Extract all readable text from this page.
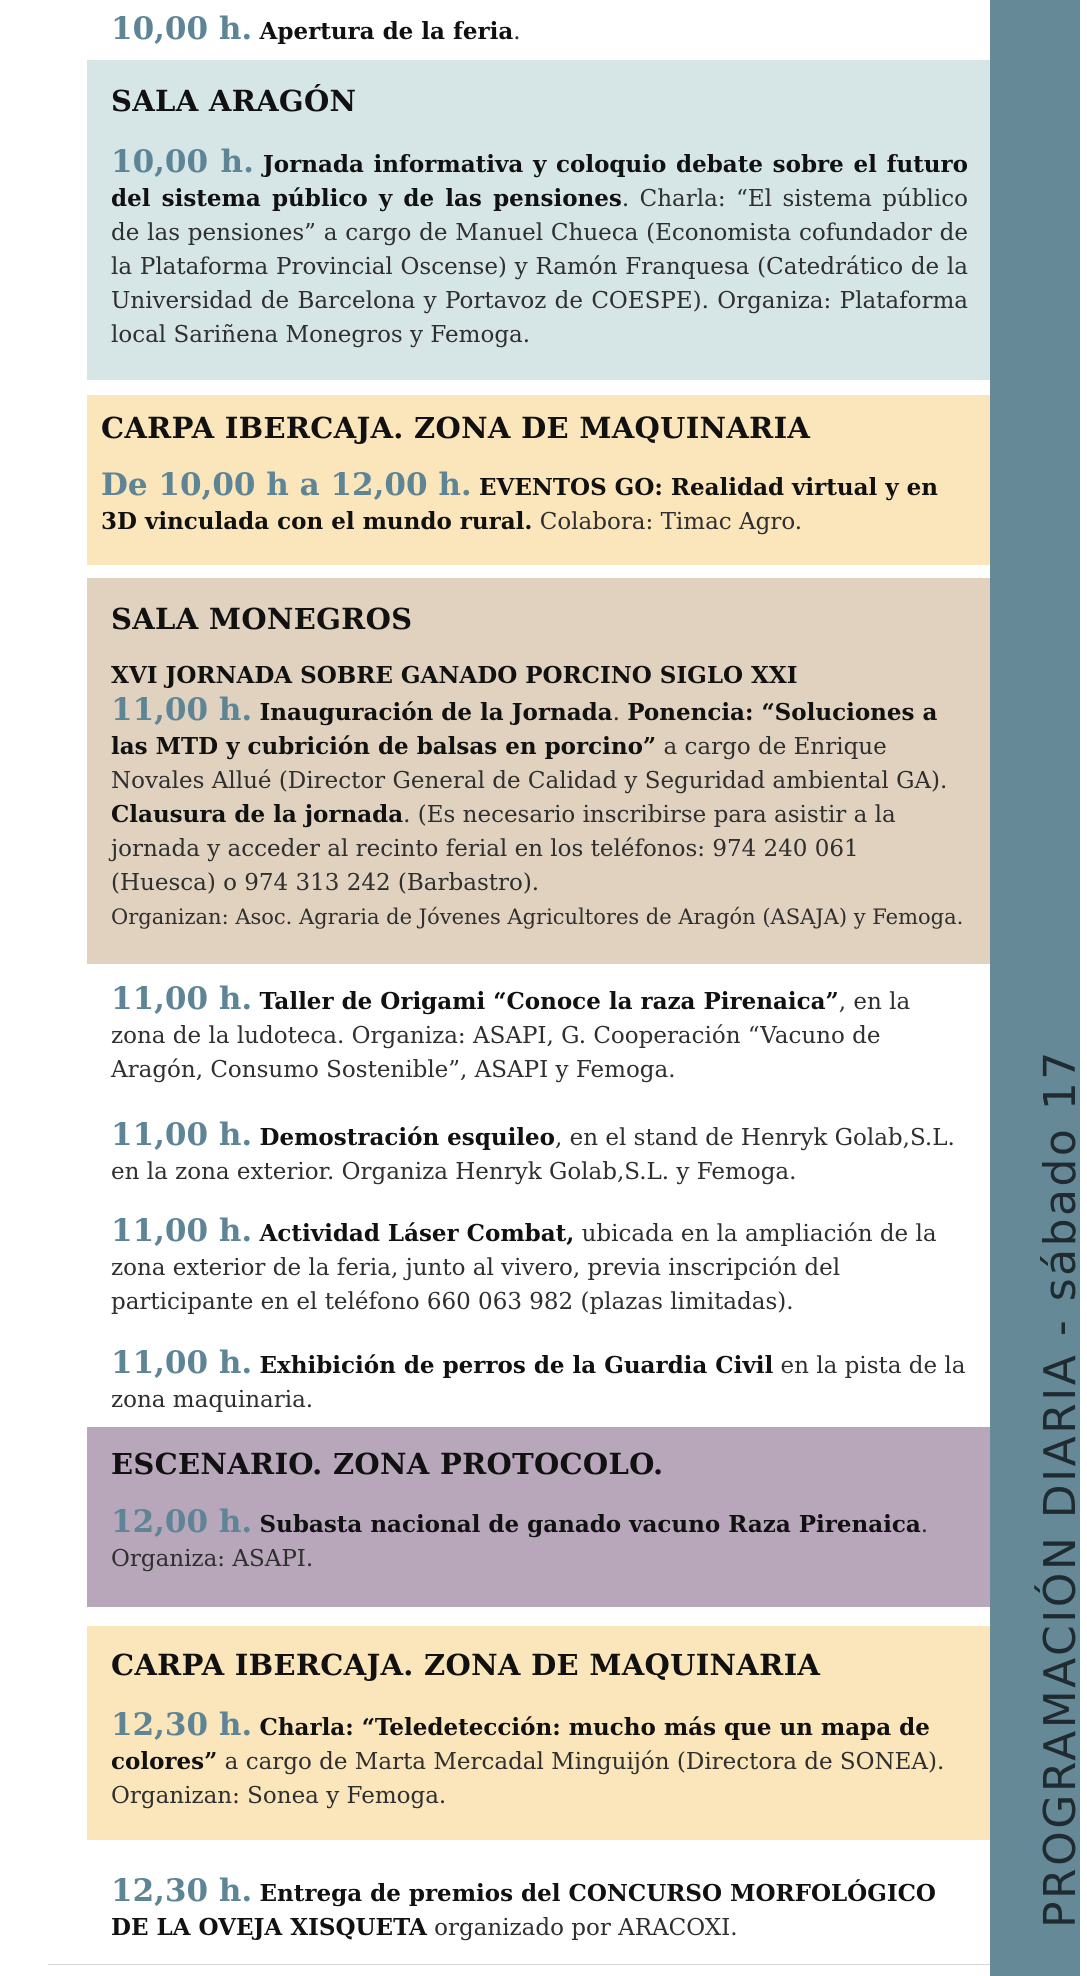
PROGRAMACIÓN DIARIA - sábado 17

10,00 h. Apertura de la feria.

SALA ARAGÓN

10,00 h. Jornada informativa y coloquio debate sobre el futuro del sistema público y de las pensiones. Charla: “El sistema público de las pensiones” a cargo de Manuel Chueca (Economista cofundador de la Plataforma Provincial Oscense) y Ramón Franquesa (Catedrático de la Universidad de Barcelona y Portavoz de COESPE). Organiza: Plataforma local Sariñena Monegros y Femoga.

CARPA IBERCAJA. ZONA DE MAQUINARIA

De 10,00 h a 12,00 h. EVENTOS GO: Realidad virtual y en 3D vinculada con el mundo rural. Colabora: Timac Agro.

SALA MONEGROS

XVI JORNADA SOBRE GANADO PORCINO SIGLO XXI

11,00 h. Inauguración de la Jornada. Ponencia: “Soluciones a las MTD y cubrición de balsas en porcino” a cargo de Enrique Novales Allué (Director General de Calidad y Seguridad ambiental GA).

Clausura de la jornada. (Es necesario inscribirse para asistir a la jornada y acceder al recinto ferial en los teléfonos: 974 240 061 (Huesca) o 974 313 242 (Barbastro).

Organizan: Asoc. Agraria de Jóvenes Agricultores de Aragón (ASAJA) y Femoga.

11,00 h. Taller de Origami “Conoce la raza Pirenaica”, en la zona de la ludoteca. Organiza: ASAPI, G. Cooperación “Vacuno de Aragón, Consumo Sostenible”, ASAPI y Femoga.

11,00 h. Demostración esquileo, en el stand de Henryk Golab,S.L. en la zona exterior. Organiza Henryk Golab,S.L. y Femoga.

11,00 h. Actividad Láser Combat, ubicada en la ampliación de la zona exterior de la feria, junto al vivero, previa inscripción del participante en el teléfono 660 063 982 (plazas limitadas).

11,00 h. Exhibición de perros de la Guardia Civil en la pista de la zona maquinaria.

ESCENARIO. ZONA PROTOCOLO.

12,00 h. Subasta nacional de ganado vacuno Raza Pirenaica. Organiza: ASAPI.

CARPA IBERCAJA. ZONA DE MAQUINARIA

12,30 h. Charla: “Teledetección: mucho más que un mapa de colores” a cargo de Marta Mercadal Minguijón (Directora de SONEA). Organizan: Sonea y Femoga.

12,30 h. Entrega de premios del CONCURSO MORFOLÓGICO DE LA OVEJA XISQUETA organizado por ARACOXI.
